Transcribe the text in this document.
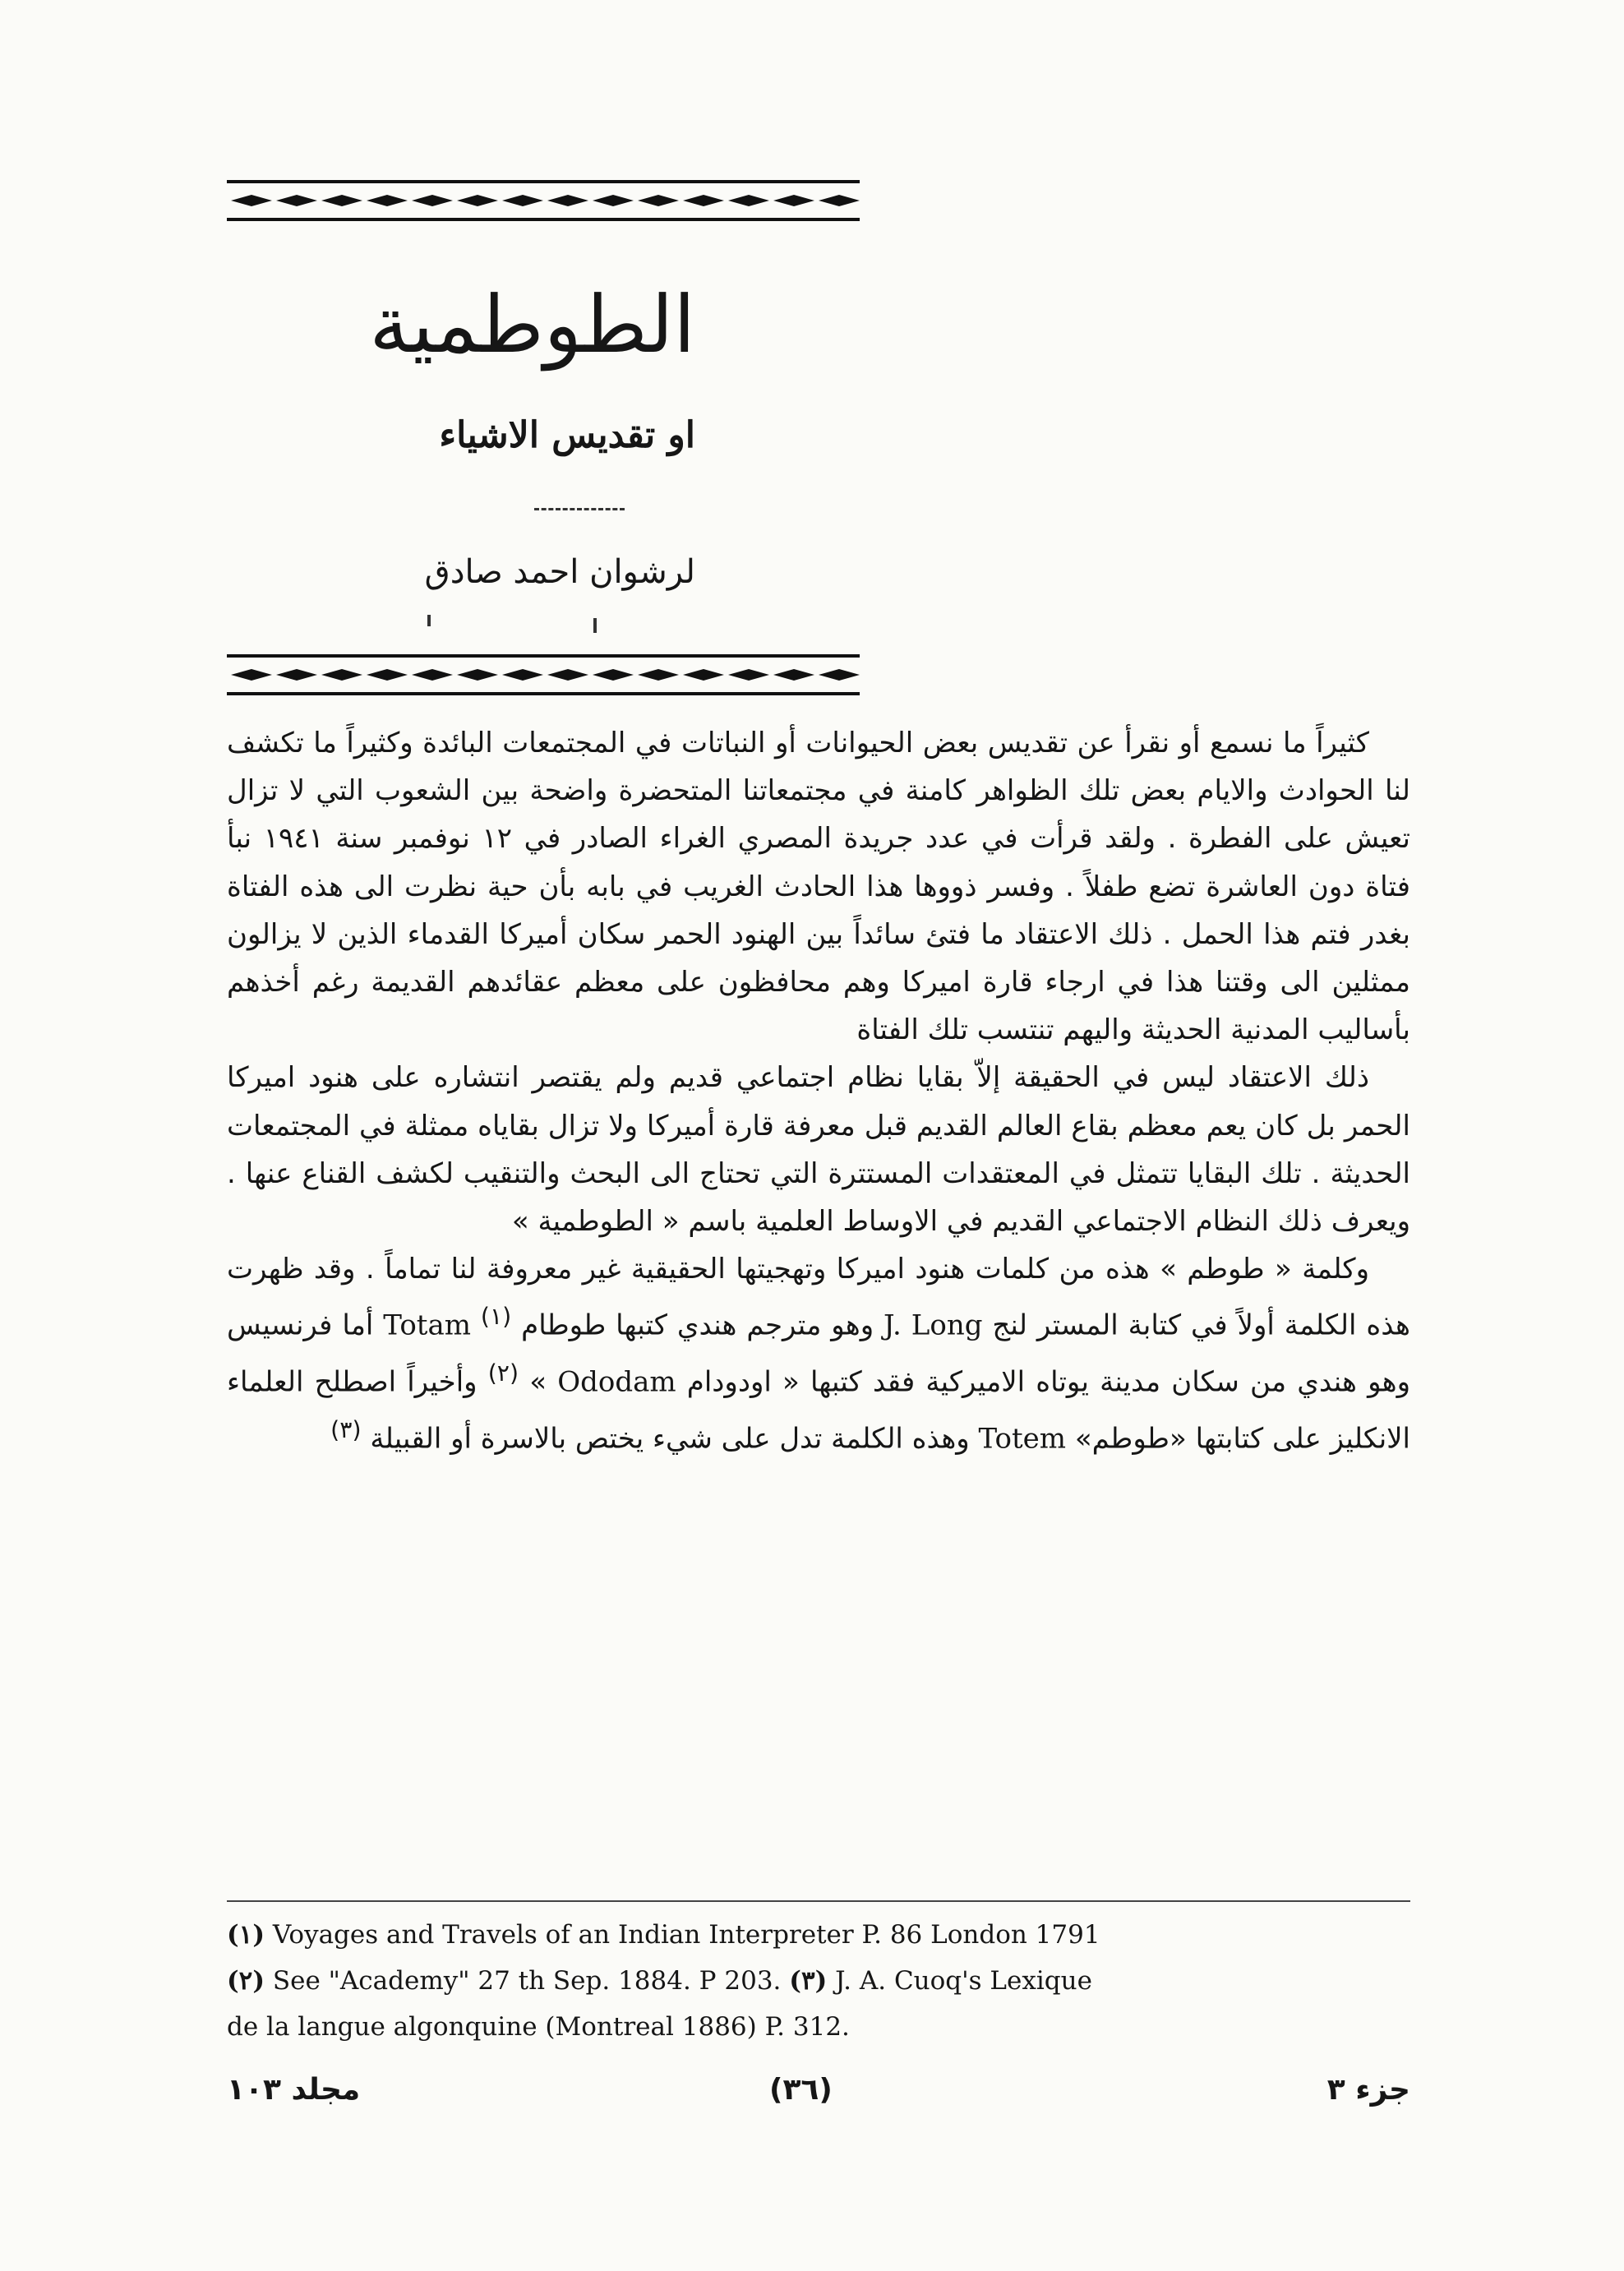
الطوطمية
او تقديس الاشياء
لرشوان احمد صادق

كثيراً ما نسمع أو نقرأ عن تقديس بعض الحيوانات أو النباتات في المجتمعات البائدة وكثيراً ما تكشف لنا الحوادث والايام بعض تلك الظواهر كامنة في مجتمعاتنا المتحضرة واضحة بين الشعوب التي لا تزال تعيش على الفطرة . ولقد قرأت في عدد جريدة المصري الغراء الصادر في ١٢ نوفمبر سنة ١٩٤١ نبأ فتاة دون العاشرة تضع طفلاً . وفسر ذووها هذا الحادث الغريب في بابه بأن حية نظرت الى هذه الفتاة بغدر فتم هذا الحمل . ذلك الاعتقاد ما فتئ سائداً بين الهنود الحمر سكان أميركا القدماء الذين لا يزالون ممثلين الى وقتنا هذا في ارجاء قارة اميركا وهم محافظون على معظم عقائدهم القديمة رغم أخذهم بأساليب المدنية الحديثة واليهم تنتسب تلك الفتاة

ذلك الاعتقاد ليس في الحقيقة إلاّ بقايا نظام اجتماعي قديم ولم يقتصر انتشاره على هنود اميركا الحمر بل كان يعم معظم بقاع العالم القديم قبل معرفة قارة أميركا ولا تزال بقاياه ممثلة في المجتمعات الحديثة . تلك البقايا تتمثل في المعتقدات المستترة التي تحتاج الى البحث والتنقيب لكشف القناع عنها . ويعرف ذلك النظام الاجتماعي القديم في الاوساط العلمية باسم « الطوطمية »

وكلمة « طوطم » هذه من كلمات هنود اميركا وتهجيتها الحقيقية غير معروفة لنا تماماً . وقد ظهرت هذه الكلمة أولاً في كتابة المستر لنج J. Long وهو مترجم هندي كتبها طوطام $^{(١)}$ Totam أما فرنسيس وهو هندي من سكان مدينة يوتاه الاميركية فقد كتبها « اودودام Ododam » $^{(٢)}$ وأخيراً اصطلح العلماء الانكليز على كتابتها «طوطم» Totem وهذه الكلمة تدل على شيء يختص بالاسرة أو القبيلة $^{(٣)}$

(١) Voyages and Travels of an Indian Interpreter P. 86 London 1791
(٢) See "Academy" 27 th Sep. 1884. P 203. (٣) J. A. Cuoq's Lexique
de la langue algonquine (Montreal 1886) P. 312.
مجلد ١٠٣	(٣٦)	جزء ٣
